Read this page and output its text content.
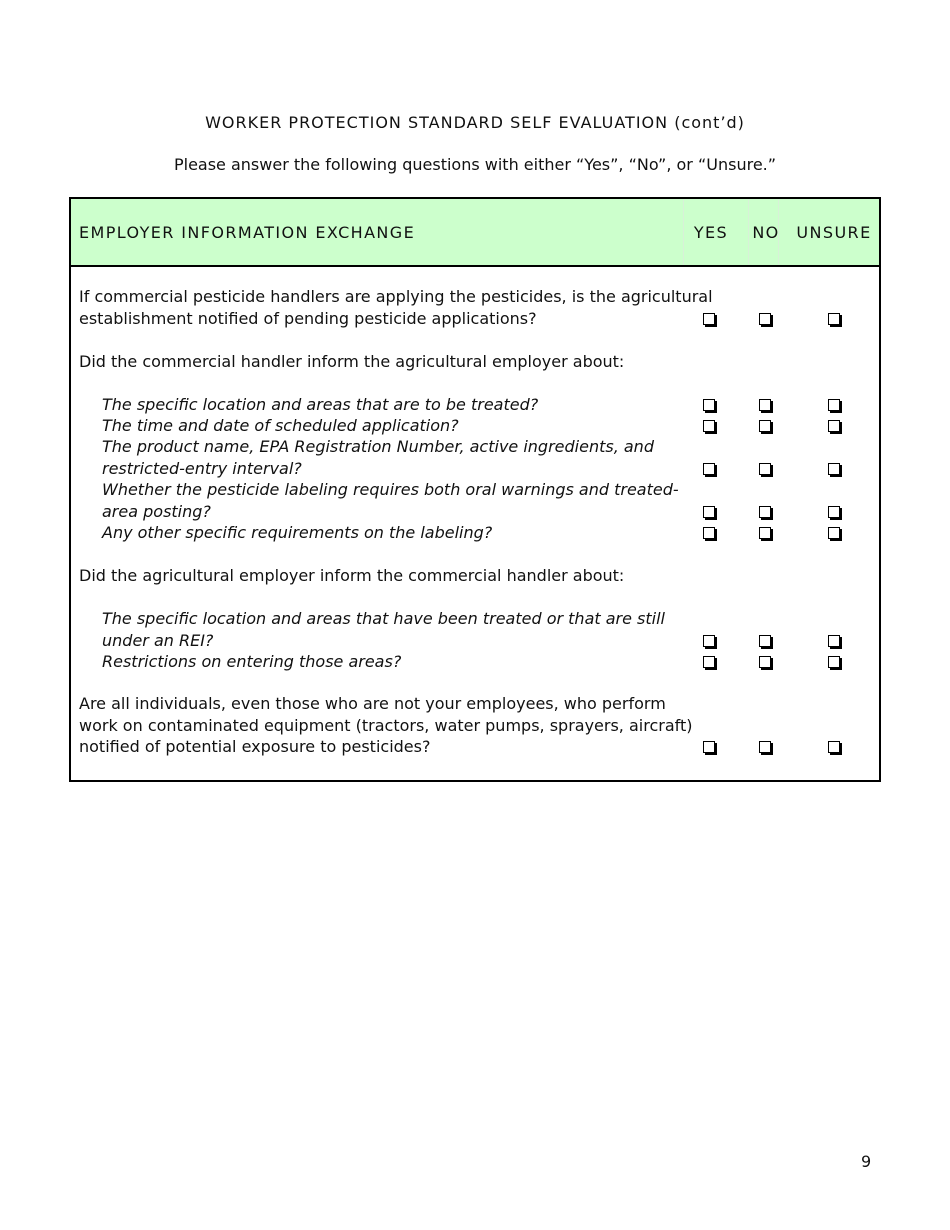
WORKER PROTECTION STANDARD SELF EVALUATION (cont’d)
Please answer the following questions with either “Yes”, “No”, or “Unsure.”
EMPLOYER INFORMATION EXCHANGE	YES NO UNSURE
If commercial pesticide handlers are applying the pesticides, is the agricultural
establishment notified of pending pesticide applications?
Did the commercial handler inform the agricultural employer about:
The specific location and areas that are to be treated?
The time and date of scheduled application?
The product name, EPA Registration Number, active ingredients, and
restricted-entry interval?
Whether the pesticide labeling requires both oral warnings and treated-
area posting?
Any other specific requirements on the labeling?
Did the agricultural employer inform the commercial handler about:
The specific location and areas that have been treated or that are still
under an REI?
Restrictions on entering those areas?
Are all individuals, even those who are not your employees, who perform
work on contaminated equipment (tractors, water pumps, sprayers, aircraft)
notified of potential exposure to pesticides?
9
